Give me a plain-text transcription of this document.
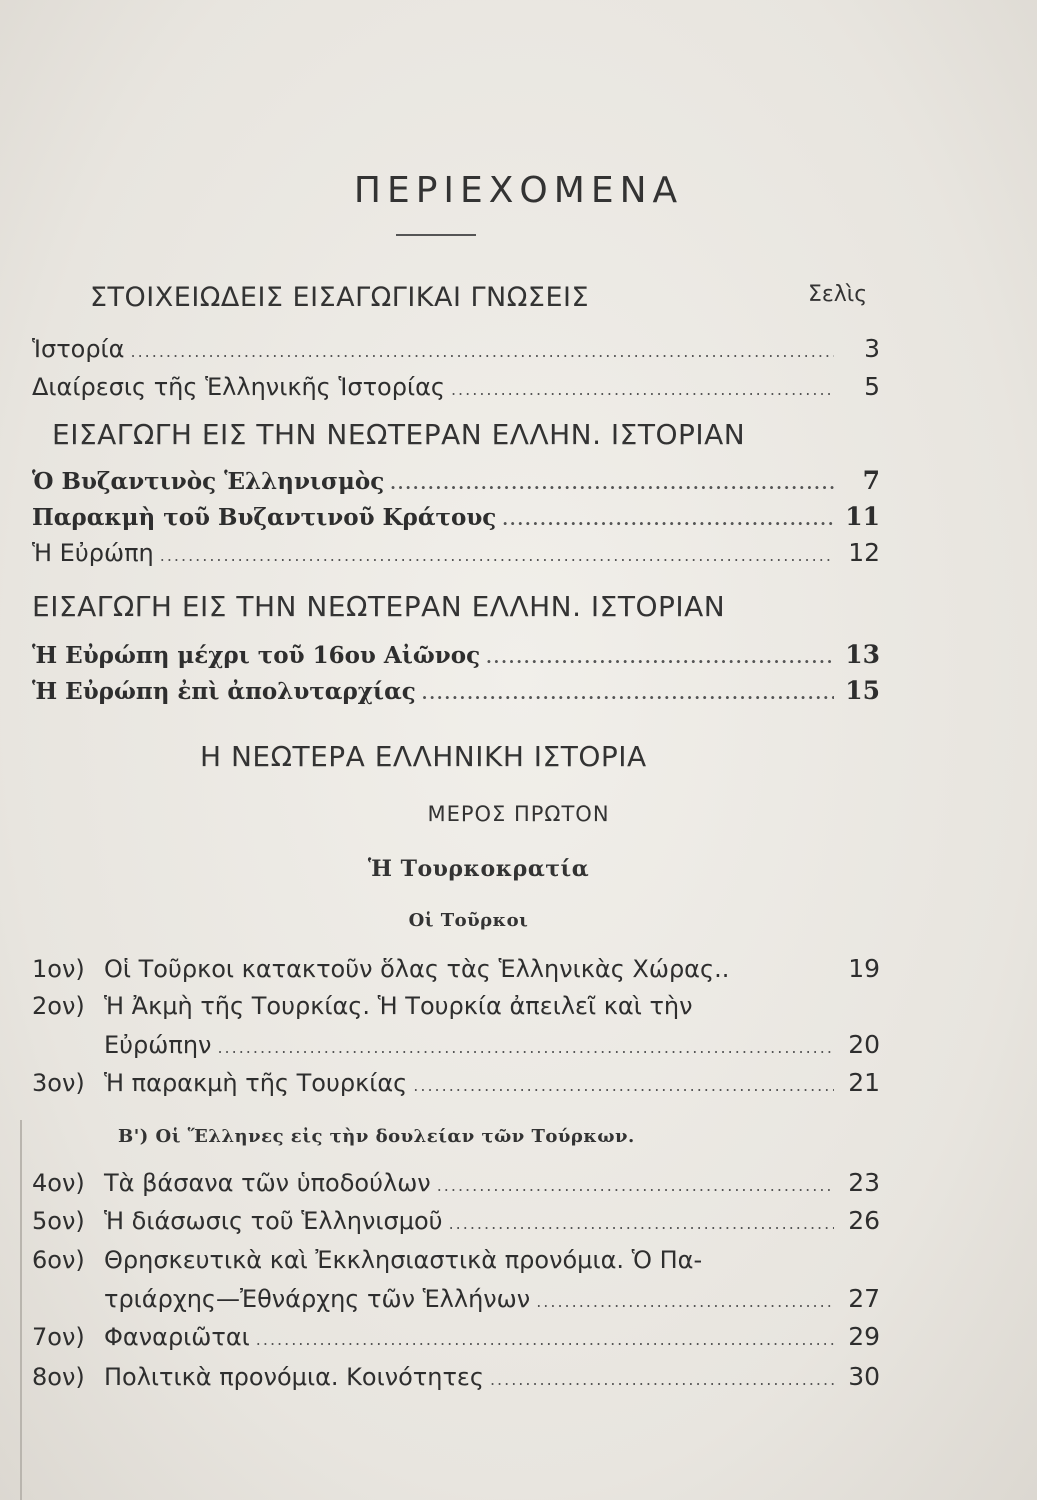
ΠΕΡΙΕΧΟΜΕΝΑ
ΣΤΟΙΧΕΙΩΔΕΙΣ ΕΙΣΑΓΩΓΙΚΑΙ ΓΝΩΣΕΙΣ	Σελὶς
Ἱστορία .....	3
Διαίρεσις τῆς Ἑλληνικῆς Ἱστορίας .....	5
ΕΙΣΑΓΩΓΗ ΕΙΣ ΤΗΝ ΝΕΩΤΕΡΑΝ ΕΛΛΗΝ. ΙΣΤΟΡΙΑΝ
Ὁ Βυζαντινὸς Ἑλληνισμὸς .....	7
Παρακμὴ τοῦ Βυζαντινοῦ Κράτους .....	11
Ἡ Εὐρώπη .....	12
ΕΙΣΑΓΩΓΗ ΕΙΣ ΤΗΝ ΝΕΩΤΕΡΑΝ ΕΛΛΗΝ. ΙΣΤΟΡΙΑΝ
Ἡ Εὐρώπη μέχρι τοῦ 16ου Αἰῶνος .....	13
Ἡ Εὐρώπη ἐπὶ ἀπολυταρχίας .....	15
Η ΝΕΩΤΕΡΑ ΕΛΛΗΝΙΚΗ ΙΣΤΟΡΙΑ
ΜΕΡΟΣ ΠΡΩΤΟΝ
Ἡ Τουρκοκρατία
Οἱ Τοῦρκοι
1ον) Οἱ Τοῦρκοι κατακτοῦν ὅλας τὰς Ἑλληνικὰς Χώρας..	19
2ον) Ἡ Ἀκμὴ τῆς Τουρκίας. Ἡ Τουρκία ἀπειλεῖ καὶ τὴν
Εὐρώπην .....	20
3ον) Ἡ παρακμὴ τῆς Τουρκίας .....	21
Β') Οἱ Ἕλληνες εἰς τὴν δουλείαν τῶν Τούρκων.
4ον) Τὰ βάσανα τῶν ὑποδούλων .....	23
5ον) Ἡ διάσωσις τοῦ Ἑλληνισμοῦ .....	26
6ον) Θρησκευτικὰ καὶ Ἐκκλησιαστικὰ προνόμια. Ὁ Πα-
τριάρχης—Ἐθνάρχης τῶν Ἑλλήνων .....	27
7ον) Φαναριῶται .....	29
8ον) Πολιτικὰ προνόμια. Κοινότητες .....	30
